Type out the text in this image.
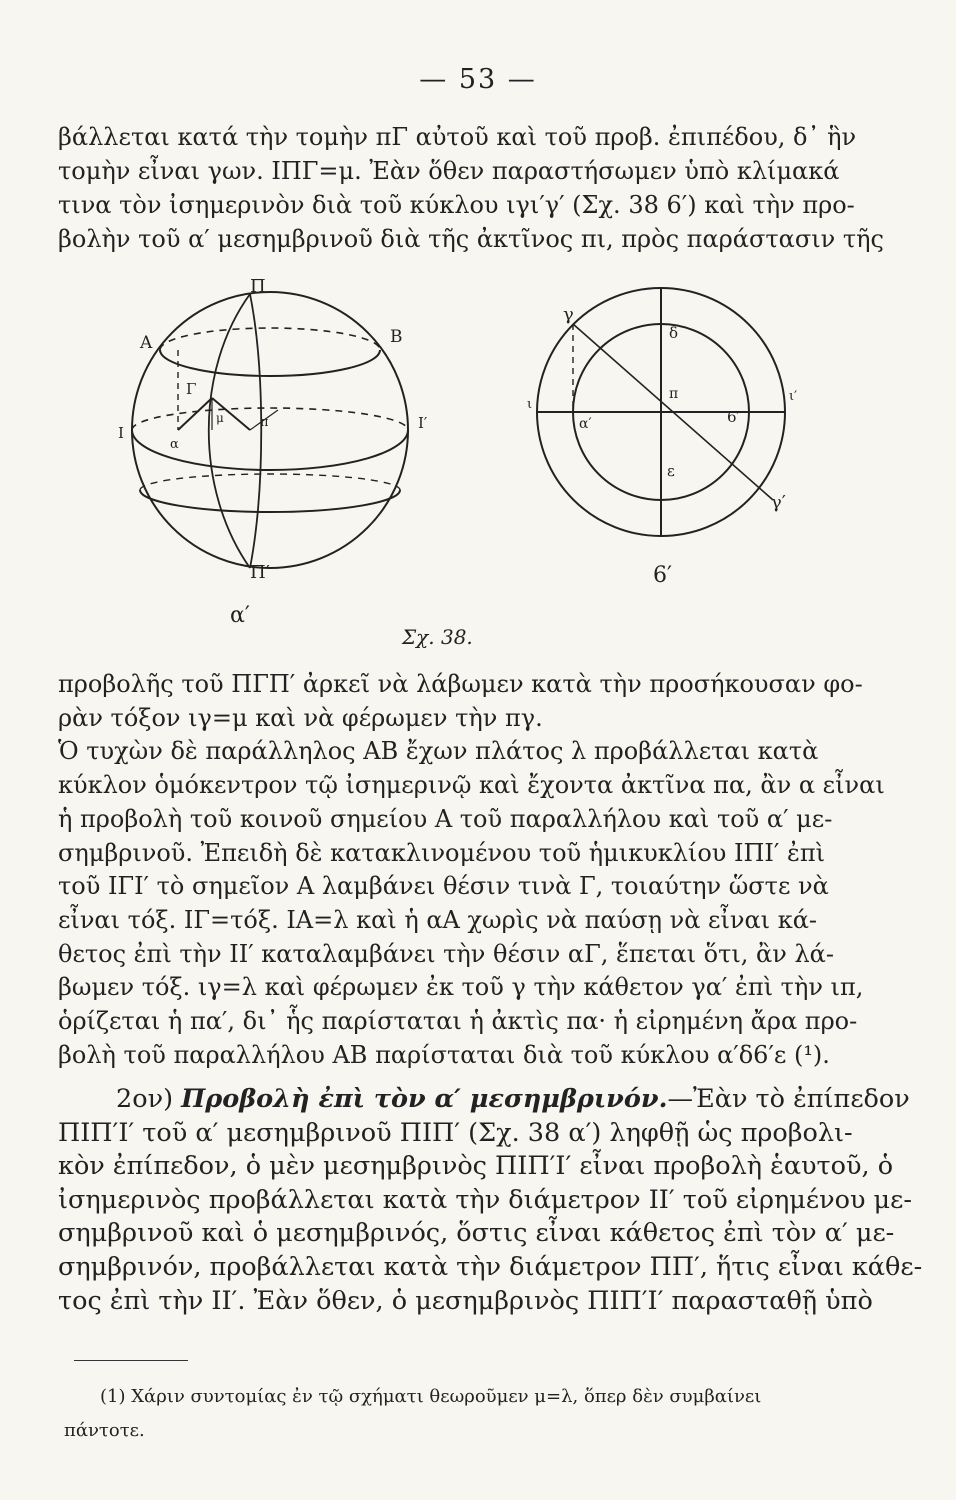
— 53 —
βάλλεται κατά τὴν τομὴν πΓ αὐτοῦ καὶ τοῦ προβ. ἐπιπέδου, δ᾽ ἣν
τομὴν εἶναι γων. ΙΠΓ=μ. Ἐὰν ὅθεν παραστήσωμεν ὑπὸ κλίμακά
τινα τὸν ἰσημερινὸν διὰ τοῦ κύκλου ιγι′γ′ (Σχ. 38 6′) καὶ τὴν προ-
βολὴν τοῦ α′ μεσημβρινοῦ διὰ τῆς ἀκτῖνος πι, πρὸς παράστασιν τῆς
Π
Α	Β
Γ
Ι
Ι′
α
μ	π
Π′
α′
γ
δ
π
α′	6′
ε
γ′
ι
ι′
6′
Σχ. 38.
προβολῆς τοῦ ΠΓΠ′ ἀρκεῖ νὰ λάβωμεν κατὰ τὴν προσήκουσαν φο-
ρὰν τόξον ιγ=μ καὶ νὰ φέρωμεν τὴν πγ.
Ὁ τυχὼν δὲ παράλληλος ΑΒ ἔχων πλάτος λ προβάλλεται κατὰ
κύκλον ὁμόκεντρον τῷ ἰσημερινῷ καὶ ἔχοντα ἀκτῖνα πα, ἂν α εἶναι
ἡ προβολὴ τοῦ κοινοῦ σημείου Α τοῦ παραλλήλου καὶ τοῦ α′ με-
σημβρινοῦ. Ἐπειδὴ δὲ κατακλινομένου τοῦ ἡμικυκλίου ΙΠΙ′ ἐπὶ
τοῦ ΙΓΙ′ τὸ σημεῖον Α λαμβάνει θέσιν τινὰ Γ, τοιαύτην ὥστε νὰ
εἶναι τόξ. ΙΓ=τόξ. ΙΑ=λ καὶ ἡ αΑ χωρὶς νὰ παύσῃ νὰ εἶναι κά-
θετος ἐπὶ τὴν ΙΙ′ καταλαμβάνει τὴν θέσιν αΓ, ἕπεται ὅτι, ἂν λά-
βωμεν τόξ. ιγ=λ καὶ φέρωμεν ἐκ τοῦ γ τὴν κάθετον γα′ ἐπὶ τὴν ιπ,
ὁρίζεται ἡ πα′, δι᾽ ἧς παρίσταται ἡ ἀκτὶς πα· ἡ εἰρημένη ἄρα προ-
βολὴ τοῦ παραλλήλου ΑΒ παρίσταται διὰ τοῦ κύκλου α′δ6′ε (¹).
2ον) Προβολὴ ἐπὶ τὸν α′ μεσημβρινόν.—Ἐὰν τὸ ἐπίπεδον
ΠΙΠ′Ι′ τοῦ α′ μεσημβρινοῦ ΠΙΠ′ (Σχ. 38 α′) ληφθῇ ὡς προβολι-
κὸν ἐπίπεδον, ὁ μὲν μεσημβρινὸς ΠΙΠ′Ι′ εἶναι προβολὴ ἑαυτοῦ, ὁ
ἰσημερινὸς προβάλλεται κατὰ τὴν διάμετρον ΙΙ′ τοῦ εἰρημένου με-
σημβρινοῦ καὶ ὁ μεσημβρινός, ὅστις εἶναι κάθετος ἐπὶ τὸν α′ με-
σημβρινόν, προβάλλεται κατὰ τὴν διάμετρον ΠΠ′, ἥτις εἶναι κάθε-
τος ἐπὶ τὴν ΙΙ′. Ἐὰν ὅθεν, ὁ μεσημβρινὸς ΠΙΠ′Ι′ παρασταθῇ ὑπὸ
(1) Χάριν συντομίας ἐν τῷ σχήματι θεωροῦμεν μ=λ, ὅπερ δὲν συμβαίνει
πάντοτε.
